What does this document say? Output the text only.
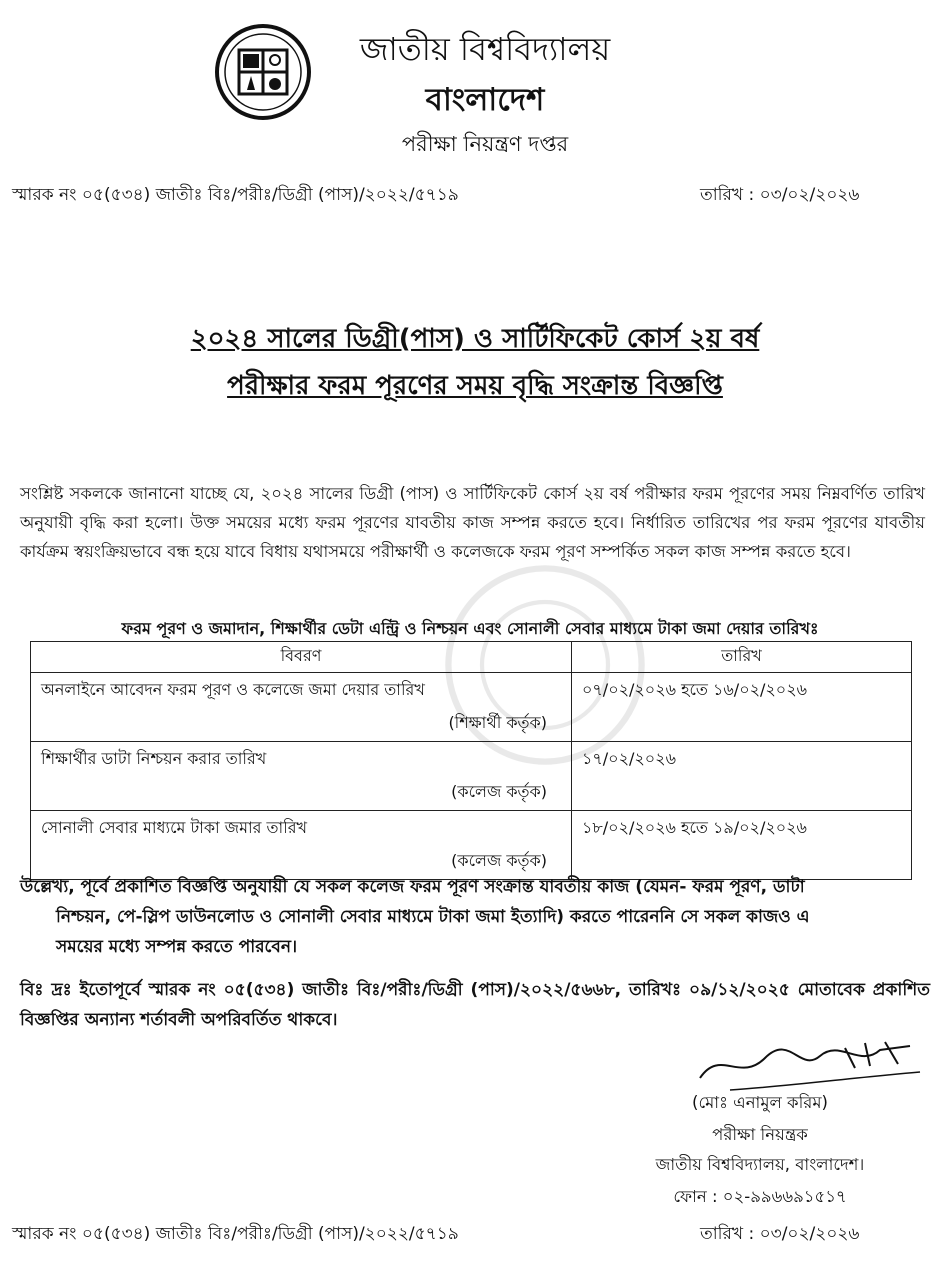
জাতীয় বিশ্ববিদ্যালয়
বাংলাদেশ
পরীক্ষা নিয়ন্ত্রণ দপ্তর
স্মারক নং ০৫(৫৩৪) জাতীঃ বিঃ/পরীঃ/ডিগ্রী (পাস)/২০২২/৫৭১৯	তারিখ : ০৩/০২/২০২৬
২০২৪ সালের ডিগ্রী(পাস) ও সার্টিফিকেট কোর্স ২য় বর্ষ
পরীক্ষার ফরম পূরণের সময় বৃদ্ধি সংক্রান্ত বিজ্ঞপ্তি
সংশ্লিষ্ট সকলকে জানানো যাচ্ছে যে, ২০২৪ সালের ডিগ্রী (পাস) ও সার্টিফিকেট কোর্স ২য় বর্ষ পরীক্ষার ফরম পূরণের সময় নিম্নবর্ণিত তারিখ অনুযায়ী বৃদ্ধি করা হলো। উক্ত সময়ের মধ্যে ফরম পূরণের যাবতীয় কাজ সম্পন্ন করতে হবে। নির্ধারিত তারিখের পর ফরম পূরণের যাবতীয় কার্যক্রম স্বয়ংক্রিয়ভাবে বন্ধ হয়ে যাবে বিধায় যথাসময়ে পরীক্ষার্থী ও কলেজকে ফরম পূরণ সম্পর্কিত সকল কাজ সম্পন্ন করতে হবে।
ফরম পূরণ ও জমাদান, শিক্ষার্থীর ডেটা এন্ট্রি ও নিশ্চয়ন এবং সোনালী সেবার মাধ্যমে টাকা জমা দেয়ার তারিখঃ
বিবরণ	তারিখ
অনলাইনে আবেদন ফরম পূরণ ও কলেজে জমা দেয়ার তারিখ
(শিক্ষার্থী কর্তৃক)	০৭/০২/২০২৬ হতে ১৬/০২/২০২৬
শিক্ষার্থীর ডাটা নিশ্চয়ন করার তারিখ
(কলেজ কর্তৃক)	১৭/০২/২০২৬
সোনালী সেবার মাধ্যমে টাকা জমার তারিখ
(কলেজ কর্তৃক)	১৮/০২/২০২৬ হতে ১৯/০২/২০২৬
উল্লেখ্য, পূর্বে প্রকাশিত বিজ্ঞপ্তি অনুযায়ী যে সকল কলেজ ফরম পূরণ সংক্রান্ত যাবতীয় কাজ (যেমন- ফরম পূরণ, ডাটা
নিশ্চয়ন, পে-স্লিপ ডাউনলোড ও সোনালী সেবার মাধ্যমে টাকা জমা ইত্যাদি) করতে পারেননি সে সকল কাজও এ
সময়ের মধ্যে সম্পন্ন করতে পারবেন।
বিঃ দ্রঃ ইতোপূর্বে স্মারক নং ০৫(৫৩৪) জাতীঃ বিঃ/পরীঃ/ডিগ্রী (পাস)/২০২২/৫৬৬৮, তারিখঃ ০৯/১২/২০২৫ মোতাবেক প্রকাশিত বিজ্ঞপ্তির অন্যান্য শর্তাবলী অপরিবর্তিত থাকবে।
(মোঃ এনামুল করিম)
পরীক্ষা নিয়ন্ত্রক
জাতীয় বিশ্ববিদ্যালয়, বাংলাদেশ।
ফোন : ০২-৯৯৬৬৯১৫১৭
স্মারক নং ০৫(৫৩৪) জাতীঃ বিঃ/পরীঃ/ডিগ্রী (পাস)/২০২২/৫৭১৯	তারিখ : ০৩/০২/২০২৬
